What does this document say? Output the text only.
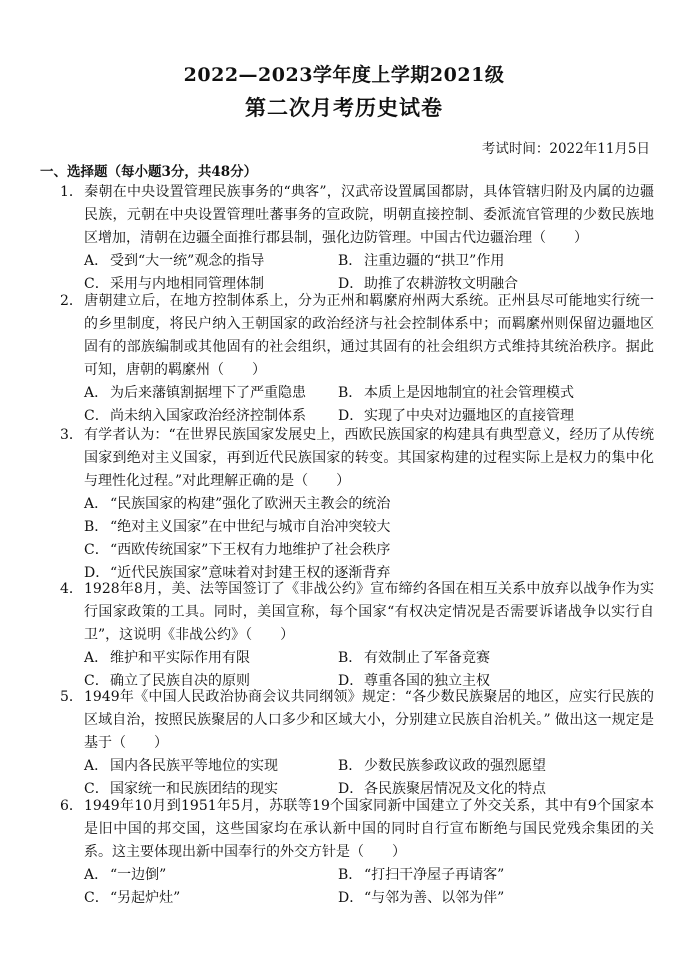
2022—2023学年度上学期2021级
第二次月考历史试卷
考试时间：2022年11月5日
一、选择题（每小题3分，共48分）

1．秦朝在中央设置管理民族事务的“典客”，汉武帝设置属国都尉，具体管辖归附及内属的边疆民族，元朝在中央设置管理吐蕃事务的宣政院，明朝直接控制、委派流官管理的少数民族地区增加，清朝在边疆全面推行郡县制，强化边防管理。中国古代边疆治理（　　）

A． 受到“大一统”观念的指导	B． 注重边疆的“拱卫”作用
C．采用与内地相同管理体制	D．助推了农耕游牧文明融合

2．唐朝建立后，在地方控制体系上，分为正州和羁縻府州两大系统。正州县尽可能地实行统一的乡里制度，将民户纳入王朝国家的政治经济与社会控制体系中；而羁縻州则保留边疆地区固有的部族编制或其他固有的社会组织，通过其固有的社会组织方式维持其统治秩序。据此可知，唐朝的羁縻州（　　）

A． 为后来藩镇割据埋下了严重隐患	B． 本质上是因地制宜的社会管理模式
C．尚未纳入国家政治经济控制体系	D．实现了中央对边疆地区的直接管理

3．有学者认为：“在世界民族国家发展史上，西欧民族国家的构建具有典型意义，经历了从传统国家到绝对主义国家，再到近代民族国家的转变。其国家构建的过程实际上是权力的集中化与理性化过程。”对此理解正确的是（　　）

A． “民族国家的构建”强化了欧洲天主教会的统治
B． “绝对主义国家”在中世纪与城市自治冲突较大
C．“西欧传统国家”下王权有力地维护了社会秩序
D．“近代民族国家”意味着对封建王权的逐渐背弃

4．1928年8月，美、法等国签订了《非战公约》宣布缔约各国在相互关系中放弃以战争作为实行国家政策的工具。同时，美国宣称，每个国家“有权决定情况是否需要诉诸战争以实行自卫”，这说明《非战公约》（　　）

A． 维护和平实际作用有限	B． 有效制止了军备竞赛
C．确立了民族自决的原则	D．尊重各国的独立主权

5．1949年《中国人民政治协商会议共同纲领》规定：“各少数民族聚居的地区，应实行民族的区域自治，按照民族聚居的人口多少和区域大小，分别建立民族自治机关。” 做出这一规定是基于（　　）

A． 国内各民族平等地位的实现	B． 少数民族参政议政的强烈愿望
C．国家统一和民族团结的现实	D．各民族聚居情况及文化的特点

6．1949年10月到1951年5月，苏联等19个国家同新中国建立了外交关系，其中有9个国家本是旧中国的邦交国，这些国家均在承认新中国的同时自行宣布断绝与国民党残余集团的关系。这主要体现出新中国奉行的外交方针是（　　）

A． “一边倒”	B． “打扫干净屋子再请客”
C．“另起炉灶”	D．“与邻为善、以邻为伴”
